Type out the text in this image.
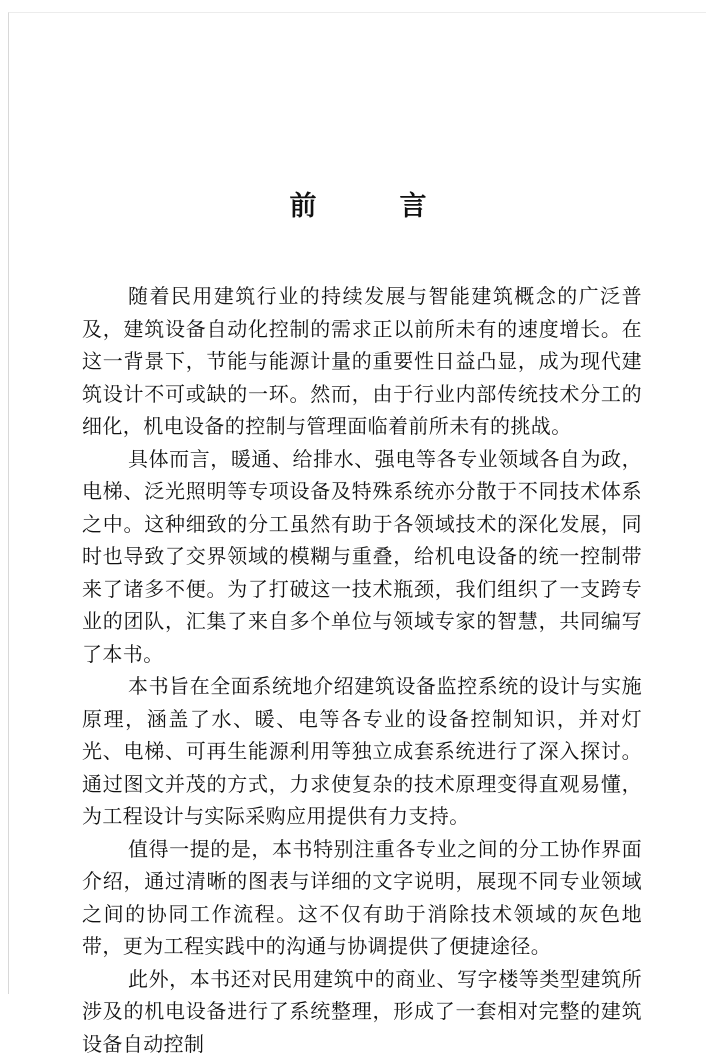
前　言

随着民用建筑行业的持续发展与智能建筑概念的广泛普及，建筑设备自动化控制的需求正以前所未有的速度增长。在这一背景下，节能与能源计量的重要性日益凸显，成为现代建筑设计不可或缺的一环。然而，由于行业内部传统技术分工的细化，机电设备的控制与管理面临着前所未有的挑战。

具体而言，暖通、给排水、强电等各专业领域各自为政，电梯、泛光照明等专项设备及特殊系统亦分散于不同技术体系之中。这种细致的分工虽然有助于各领域技术的深化发展，同时也导致了交界领域的模糊与重叠，给机电设备的统一控制带来了诸多不便。为了打破这一技术瓶颈，我们组织了一支跨专业的团队，汇集了来自多个单位与领域专家的智慧，共同编写了本书。

本书旨在全面系统地介绍建筑设备监控系统的设计与实施原理，涵盖了水、暖、电等各专业的设备控制知识，并对灯光、电梯、可再生能源利用等独立成套系统进行了深入探讨。通过图文并茂的方式，力求使复杂的技术原理变得直观易懂，为工程设计与实际采购应用提供有力支持。

值得一提的是，本书特别注重各专业之间的分工协作界面介绍，通过清晰的图表与详细的文字说明，展现不同专业领域之间的协同工作流程。这不仅有助于消除技术领域的灰色地带，更为工程实践中的沟通与协调提供了便捷途径。

此外，本书还对民用建筑中的商业、写字楼等类型建筑所涉及的机电设备进行了系统整理，形成了一套相对完整的建筑设备自动控制
